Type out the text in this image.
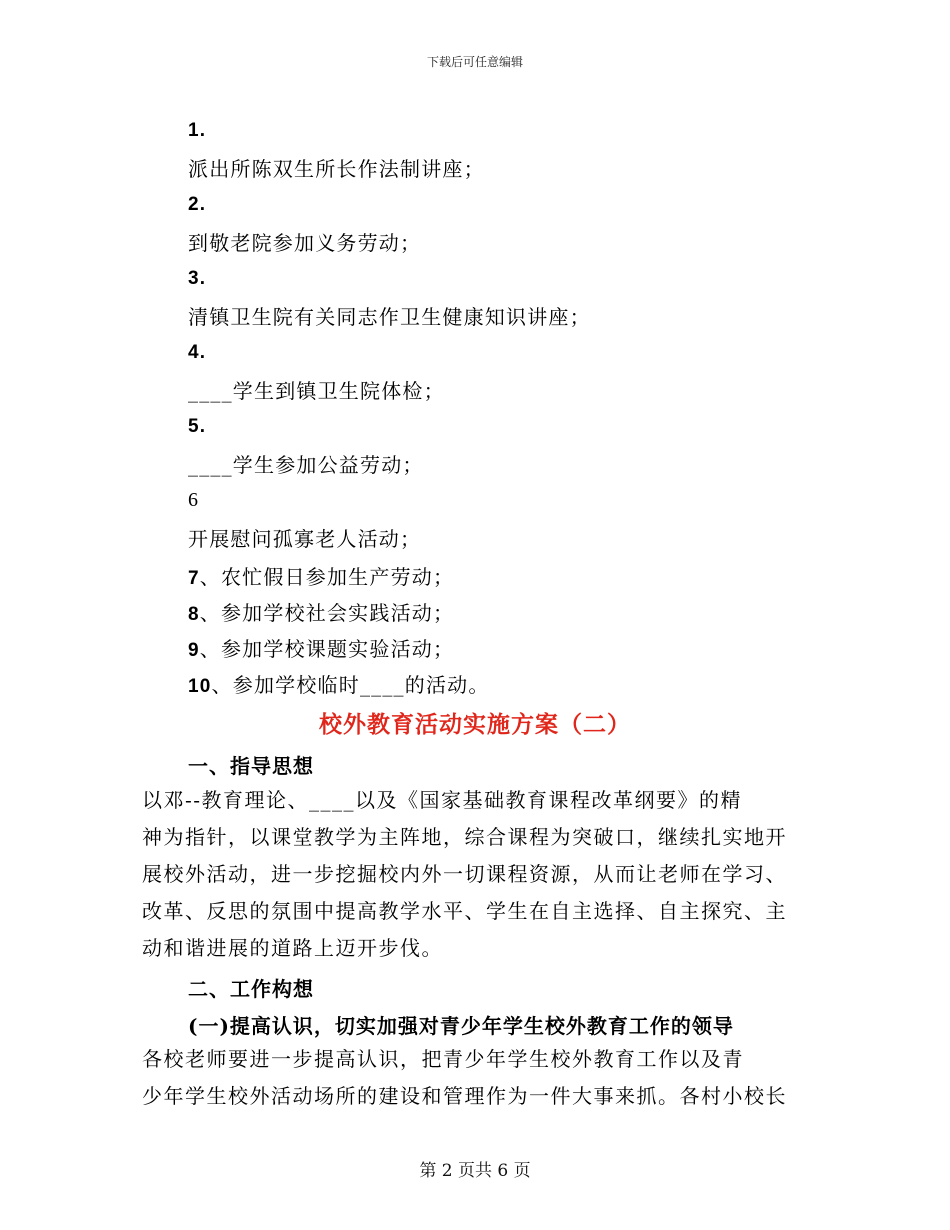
下载后可任意编辑
1.
派出所陈双生所长作法制讲座；
2.
到敬老院参加义务劳动；
3.
清镇卫生院有关同志作卫生健康知识讲座；
4.
____学生到镇卫生院体检；
5.
____学生参加公益劳动；
6
开展慰问孤寡老人活动；
7、农忙假日参加生产劳动；
8、参加学校社会实践活动；
9、参加学校课题实验活动；
10、参加学校临时____的活动。
校外教育活动实施方案（二）
一、指导思想
以邓--教育理论、____以及《国家基础教育课程改革纲要》的精
神为指针，以课堂教学为主阵地，综合课程为突破口，继续扎实地开
展校外活动，进一步挖掘校内外一切课程资源，从而让老师在学习、
改革、反思的氛围中提高教学水平、学生在自主选择、自主探究、主
动和谐进展的道路上迈开步伐。
二、工作构想
(一)提高认识，切实加强对青少年学生校外教育工作的领导
各校老师要进一步提高认识，把青少年学生校外教育工作以及青
少年学生校外活动场所的建设和管理作为一件大事来抓。各村小校长
第 2 页共 6 页
